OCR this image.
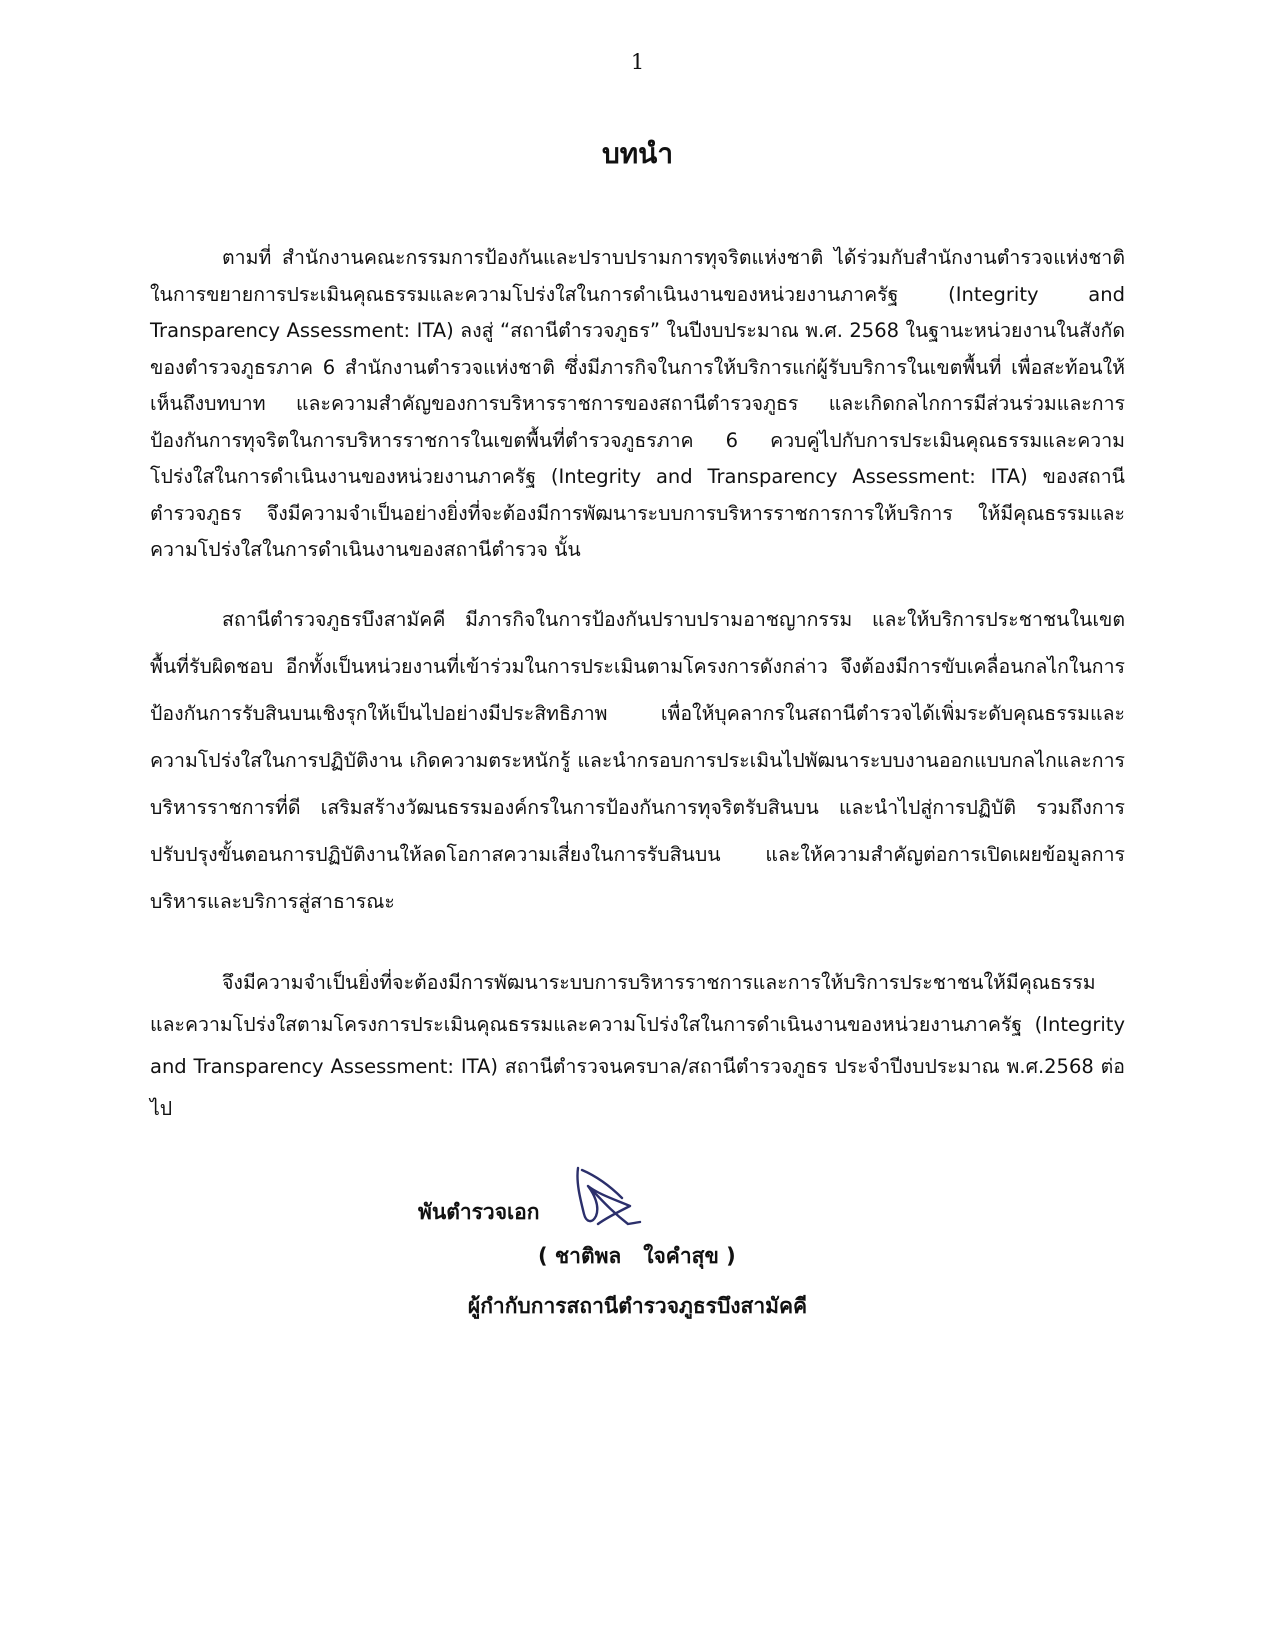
1
บทนำ

ตามที่ สำนักงานคณะกรรมการป้องกันและปราบปรามการทุจริตแห่งชาติ ได้ร่วมกับสำนักงานตำรวจแห่งชาติ ในการขยายการประเมินคุณธรรมและความโปร่งใสในการดำเนินงานของหน่วยงานภาครัฐ (Integrity and Transparency Assessment: ITA) ลงสู่ “สถานีตำรวจภูธร” ในปีงบประมาณ พ.ศ. 2568 ในฐานะหน่วยงานในสังกัดของตำรวจภูธรภาค 6 สำนักงานตำรวจแห่งชาติ ซึ่งมีภารกิจในการให้บริการแก่ผู้รับบริการในเขตพื้นที่ เพื่อสะท้อนให้เห็นถึงบทบาท และความสำคัญของการบริหารราชการของสถานีตำรวจภูธร และเกิดกลไกการมีส่วนร่วมและการป้องกันการทุจริตในการบริหารราชการในเขตพื้นที่ตำรวจภูธรภาค 6 ควบคู่ไปกับการประเมินคุณธรรมและความโปร่งใสในการดำเนินงานของหน่วยงานภาครัฐ (Integrity and Transparency Assessment: ITA) ของสถานีตำรวจภูธร จึงมีความจำเป็นอย่างยิ่งที่จะต้องมีการพัฒนาระบบการบริหารราชการการให้บริการ ให้มีคุณธรรมและความโปร่งใสในการดำเนินงานของสถานีตำรวจ นั้น

สถานีตำรวจภูธรบึงสามัคคี มีภารกิจในการป้องกันปราบปรามอาชญากรรม และให้บริการประชาชนในเขตพื้นที่รับผิดชอบ อีกทั้งเป็นหน่วยงานที่เข้าร่วมในการประเมินตามโครงการดังกล่าว จึงต้องมีการขับเคลื่อนกลไกในการป้องกันการรับสินบนเชิงรุกให้เป็นไปอย่างมีประสิทธิภาพ เพื่อให้บุคลากรในสถานีตำรวจได้เพิ่มระดับคุณธรรมและความโปร่งใสในการปฏิบัติงาน เกิดความตระหนักรู้ และนำกรอบการประเมินไปพัฒนาระบบงานออกแบบกลไกและการบริหารราชการที่ดี เสริมสร้างวัฒนธรรมองค์กรในการป้องกันการทุจริตรับสินบน และนำไปสู่การปฏิบัติ รวมถึงการปรับปรุงขั้นตอนการปฏิบัติงานให้ลดโอกาสความเสี่ยงในการรับสินบน และให้ความสำคัญต่อการเปิดเผยข้อมูลการบริหารและบริการสู่สาธารณะ

จึงมีความจำเป็นยิ่งที่จะต้องมีการพัฒนาระบบการบริหารราชการและการให้บริการประชาชนให้มีคุณธรรมและความโปร่งใสตามโครงการประเมินคุณธรรมและความโปร่งใสในการดำเนินงานของหน่วยงานภาครัฐ (Integrity and Transparency Assessment: ITA) สถานีตำรวจนครบาล/สถานีตำรวจภูธร ประจำปีงบประมาณ พ.ศ.2568 ต่อไป

พันตำรวจเอก
( ชาติพล   ใจคำสุข )
ผู้กำกับการสถานีตำรวจภูธรบึงสามัคคี
